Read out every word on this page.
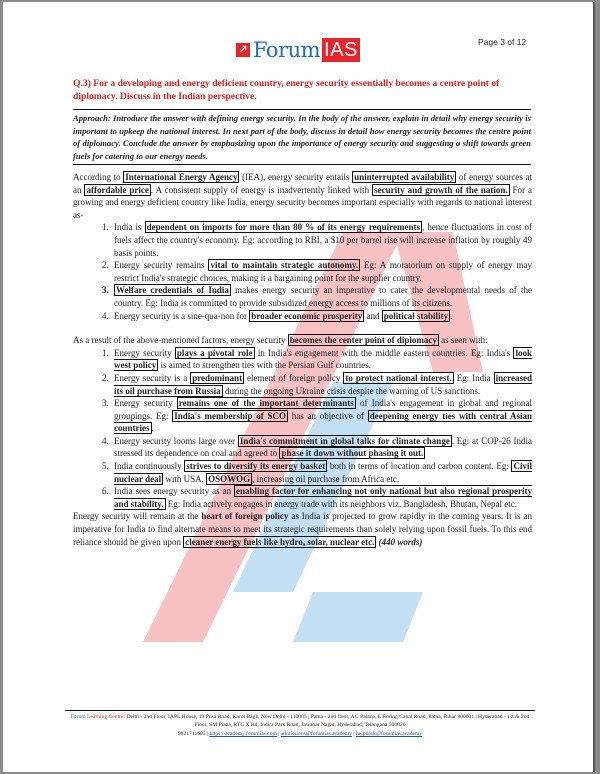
↗ Forum IAS	Page 3 of 12
Q.3) For a developing and energy deficient country, energy security essentially becomes a centre point of diplomacy. Discuss in the Indian perspective.
Approach: Introduce the answer with defining energy security. In the body of the answer, explain in detail why energy security is important to upkeep the national interest. In next part of the body, discuss in detail how energy security becomes the centre point of diplomacy. Conclude the answer by emphasizing upon the importance of energy security and suggesting a shift towards green fuels for catering to our energy needs.

According to International Energy Agency (IEA), energy security entails uninterrupted availability of energy sources at an affordable price . A consistent supply of energy is inadvertently linked with security and growth of the nation. For a growing and energy deficient country like India, energy security becomes important especially with regards to national interest as-

1. India is dependent on imports for more than 80 % of its energy requirements , hence fluctuations in cost of fuels affect the country's economy. Eg: according to RBI, a $10 per barrel rise will increase inflation by roughly 49 basis points.
2. Energy security remains vital to maintain strategic autonomy. Eg: A moratorium on supply of energy may restrict India's strategic choices, making it a bargaining point for the supplier country.
3. Welfare credentials of India makes energy security an imperative to cater the developmental needs of the country. Eg: India is committed to provide subsidized energy access to millions of its citizens.
4. Energy security is a sine-qua-non for broader economic prosperity and political stability .

As a result of the above-mentioned factors, energy security becomes the center point of diplomacy as seen with:

1. Energy security plays a pivotal role in India's engagement with the middle eastern countries. Eg: India's look west policy is aimed to strengthen ties with the Persian Gulf countries.
2. Energy security is a predominant element of foreign policy to protect national interest. Eg: India increased its oil purchase from Russia during the ongoing Ukraine crisis despite the warning of US sanctions.
3. Energy security remains one of the important determinants of India's engagement in global and regional groupings. Eg: India's membership of SCO has an objective of deepening energy ties with central Asian countries .
4. Energy security looms large over India's commitment in global talks for climate change . Eg: at COP-26 India stressed its dependence on coal and agreed to phase it down without phasing it out.
5. India continuously strives to diversify its energy basket both in terms of location and carbon content. Eg: Civil nuclear deal with USA, OSOWOG , increasing oil purchase from Africa etc.
6. India sees energy security as an enabling factor for enhancing not only national but also regional prosperity and stability. Eg: India actively engages in energy trade with its neighbors viz. Bangladesh, Bhutan, Nepal etc.

Energy security will remain at the heart of foreign policy as India is projected to grow rapidly in the coming years. It is an imperative for India to find alternate means to meet its strategic requirements than solely relying upon fossil fuels. To this end reliance should be given upon cleaner energy fuels like hydro, solar, nuclear etc. (440 words)

Forum Learning Centre: Delhi - 2nd Floor, IAPL House, 19 Pusa Road, Karol Bagh, New Delhi - 110005 | Patna - 2nd floor, AG Palace, E Boring Canal Road, Patna, Bihar 800001 | Hyderabad - 1st & 2nd Floor, SM Plaza, RTC X Rd, Indira Park Road, Jawahar Nagar, Hyderabad, Telangana 500020
9821711605 | https://academy.forumias.com | admissions@forumias.academy | helpdesk@forumias.academy
